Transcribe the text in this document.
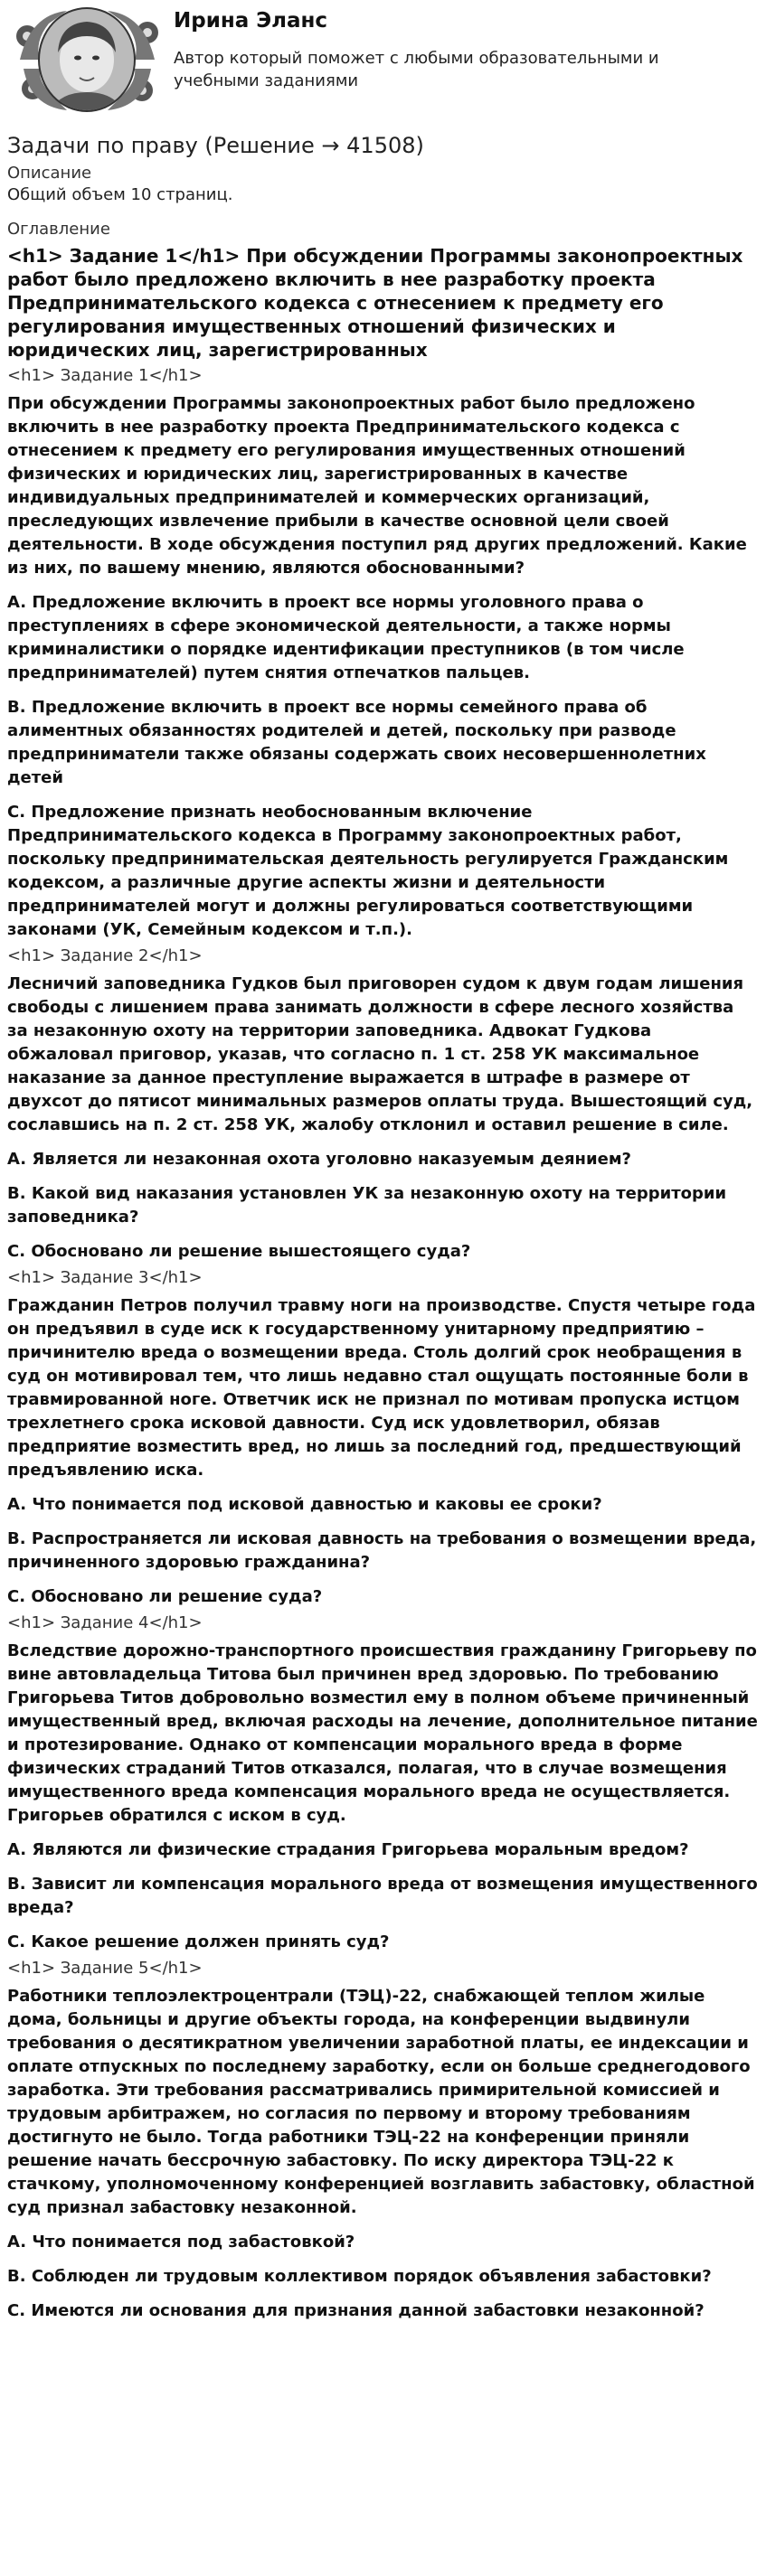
Ирина Эланс
Автор который поможет с любыми образовательными и учебными заданиями
Задачи по праву (Решение → 41508)
Описание
Общий объем 10 страниц.
Оглавление
<h1> Задание 1</h1> При обсуждении Программы законопроектных работ было предложено включить в нее разработку проекта Предпринимательского кодекса с отнесением к предмету его регулирования имущественных отношений физических и юридических лиц, зарегистрированных
<h1> Задание 1</h1>
При обсуждении Программы законопроектных работ было предложено включить в нее разработку проекта Предпринимательского кодекса с отнесением к предмету его регулирования имущественных отношений физических и юридических лиц, зарегистрированных в качестве индивидуальных предпринимателей и коммерческих организаций, преследующих извлечение прибыли в качестве основной цели своей деятельности. В ходе обсуждения поступил ряд других предложений. Какие из них, по вашему мнению, являются обоснованными?
A. Предложение включить в проект все нормы уголовного права о преступлениях в сфере экономической деятельности, а также нормы криминалистики о порядке идентификации преступников (в том числе предпринимателей) путем снятия отпечатков пальцев.
B. Предложение включить в проект все нормы семейного права об алиментных обязанностях родителей и детей, поскольку при разводе предприниматели также обязаны содержать своих несовершеннолетних детей
C. Предложение признать необоснованным включение Предпринимательского кодекса в Программу законопроектных работ, поскольку предпринимательская деятельность регулируется Гражданским кодексом, а различные другие аспекты жизни и деятельности предпринимателей могут и должны регулироваться соответствующими законами (УК, Семейным кодексом и т.п.).
<h1> Задание 2</h1>
Лесничий заповедника Гудков был приговорен судом к двум годам лишения свободы с лишением права занимать должности в сфере лесного хозяйства за незаконную охоту на территории заповедника. Адвокат Гудкова обжаловал приговор, указав, что согласно п. 1 ст. 258 УК максимальное наказание за данное преступление выражается в штрафе в размере от двухсот до пятисот минимальных размеров оплаты труда. Вышестоящий суд, сославшись на п. 2 ст. 258 УК, жалобу отклонил и оставил решение в силе.
A. Является ли незаконная охота уголовно наказуемым деянием?
B. Какой вид наказания установлен УК за незаконную охоту на территории заповедника?
C. Обосновано ли решение вышестоящего суда?
<h1> Задание 3</h1>
Гражданин Петров получил травму ноги на производстве. Спустя четыре года он предъявил в суде иск к государственному унитарному предприятию – причинителю вреда о возмещении вреда. Столь долгий срок необращения в суд он мотивировал тем, что лишь недавно стал ощущать постоянные боли в травмированной ноге. Ответчик иск не признал по мотивам пропуска истцом трехлетнего срока исковой давности. Суд иск удовлетворил, обязав предприятие возместить вред, но лишь за последний год, предшествующий предъявлению иска.
A. Что понимается под исковой давностью и каковы ее сроки?
B. Распространяется ли исковая давность на требования о возмещении вреда, причиненного здоровью гражданина?
C. Обосновано ли решение суда?
<h1> Задание 4</h1>
Вследствие дорожно-транспортного происшествия гражданину Григорьеву по вине автовладельца Титова был причинен вред здоровью. По требованию Григорьева Титов добровольно возместил ему в полном объеме причиненный имущественный вред, включая расходы на лечение, дополнительное питание и протезирование. Однако от компенсации морального вреда в форме физических страданий Титов отказался, полагая, что в случае возмещения имущественного вреда компенсация морального вреда не осуществляется. Григорьев обратился с иском в суд.
A. Являются ли физические страдания Григорьева моральным вредом?
B. Зависит ли компенсация морального вреда от возмещения имущественного вреда?
C. Какое решение должен принять суд?
<h1> Задание 5</h1>
Работники теплоэлектроцентрали (ТЭЦ)-22, снабжающей теплом жилые дома, больницы и другие объекты города, на конференции выдвинули требования о десятикратном увеличении заработной платы, ее индексации и оплате отпускных по последнему заработку, если он больше среднегодового заработка. Эти требования рассматривались примирительной комиссией и трудовым арбитражем, но согласия по первому и второму требованиям достигнуто не было. Тогда работники ТЭЦ-22 на конференции приняли решение начать бессрочную забастовку. По иску директора ТЭЦ-22 к стачкому, уполномоченному конференцией возглавить забастовку, областной суд признал забастовку незаконной.
A. Что понимается под забастовкой?
B. Соблюден ли трудовым коллективом порядок объявления забастовки?
C. Имеются ли основания для признания данной забастовки незаконной?
